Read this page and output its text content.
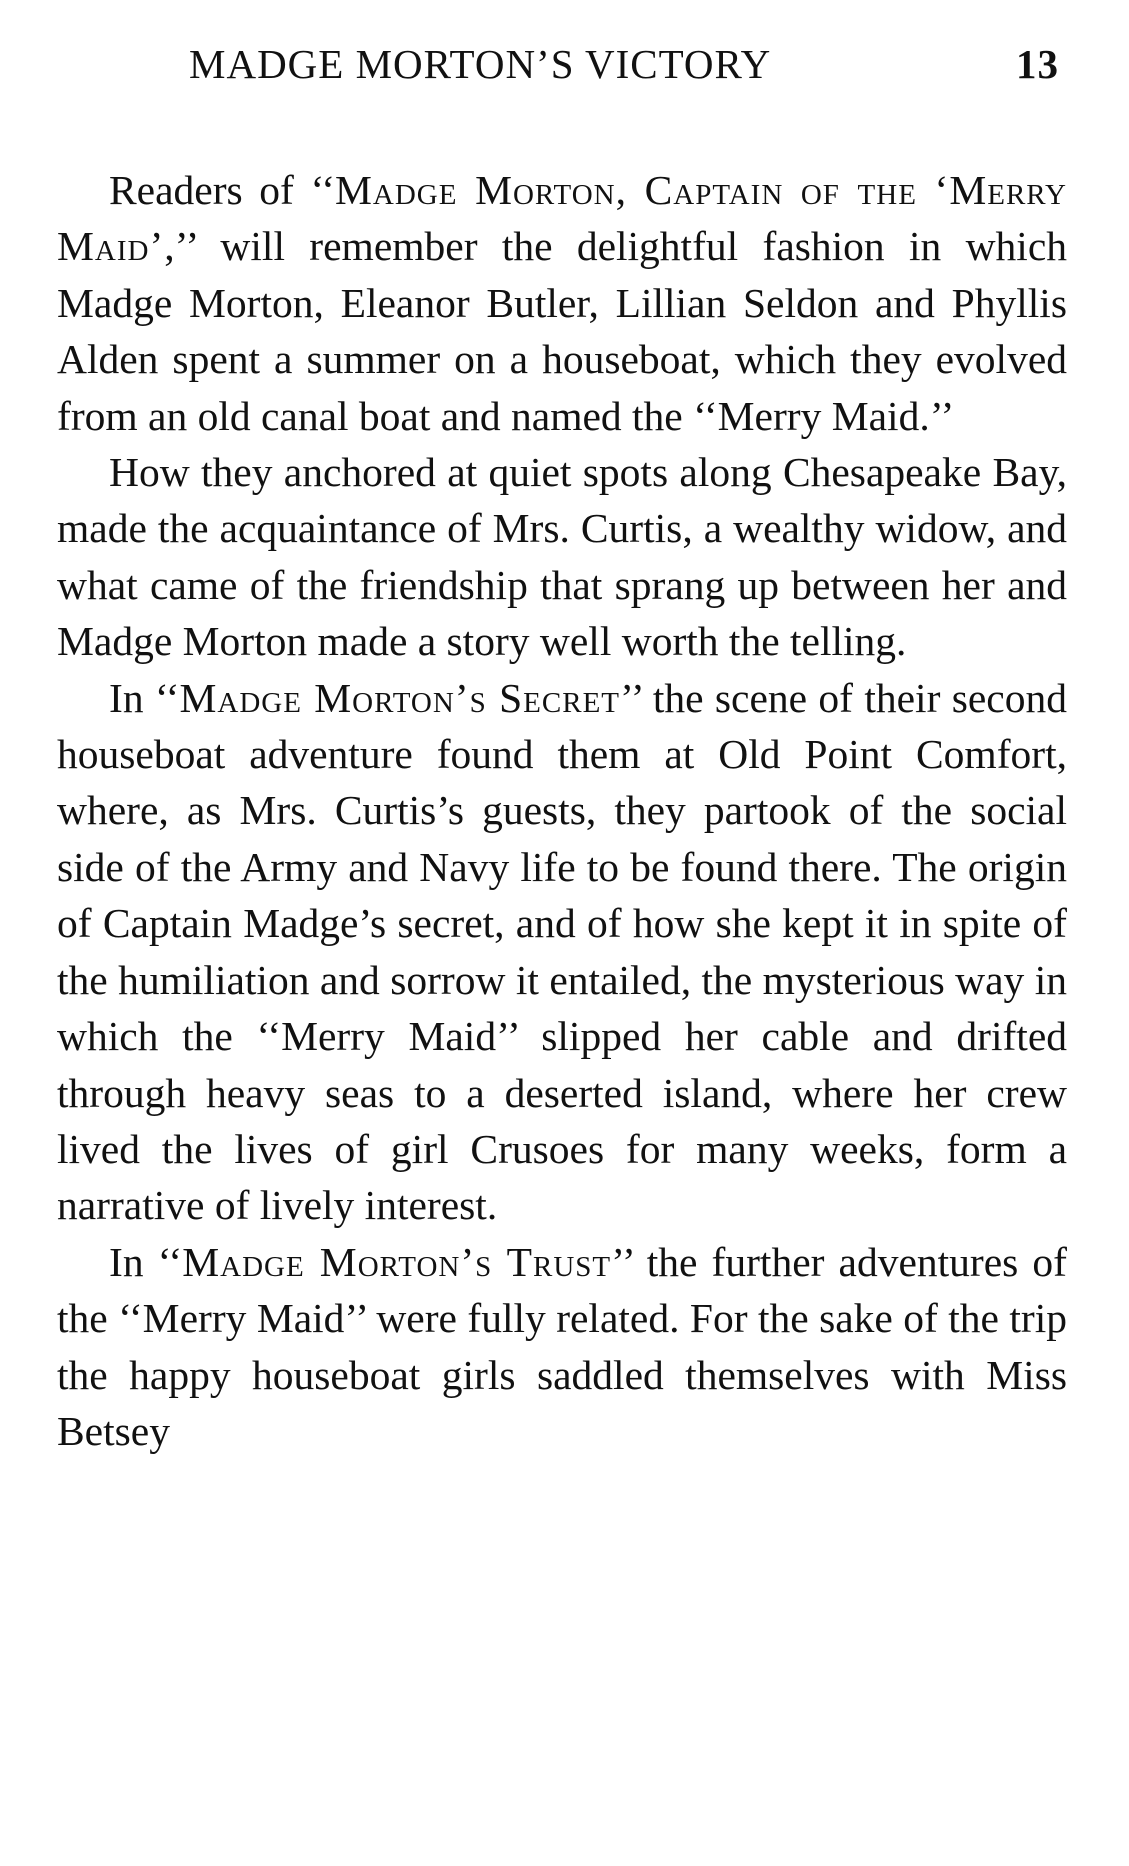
MADGE MORTON’S VICTORY	13

Readers of ‘‘Madge Morton, Captain of the ‘Merry Maid’,’’ will remember the delightful fashion in which Madge Morton, Eleanor Butler, Lillian Seldon and Phyllis Alden spent a summer on a houseboat, which they evolved from an old canal boat and named the ‘‘Merry Maid.’’

How they anchored at quiet spots along Chesapeake Bay, made the acquaintance of Mrs. Curtis, a wealthy widow, and what came of the friendship that sprang up between her and Madge Morton made a story well worth the telling.

In ‘‘Madge Morton’s Secret’’ the scene of their second houseboat adventure found them at Old Point Comfort, where, as Mrs. Curtis’s guests, they partook of the social side of the Army and Navy life to be found there. The origin of Captain Madge’s secret, and of how she kept it in spite of the humiliation and sorrow it entailed, the mysterious way in which the ‘‘Merry Maid’’ slipped her cable and drifted through heavy seas to a deserted island, where her crew lived the lives of girl Crusoes for many weeks, form a narrative of lively interest.

In ‘‘Madge Morton’s Trust’’ the further adventures of the ‘‘Merry Maid’’ were fully related. For the sake of the trip the happy houseboat girls saddled themselves with Miss Betsey
